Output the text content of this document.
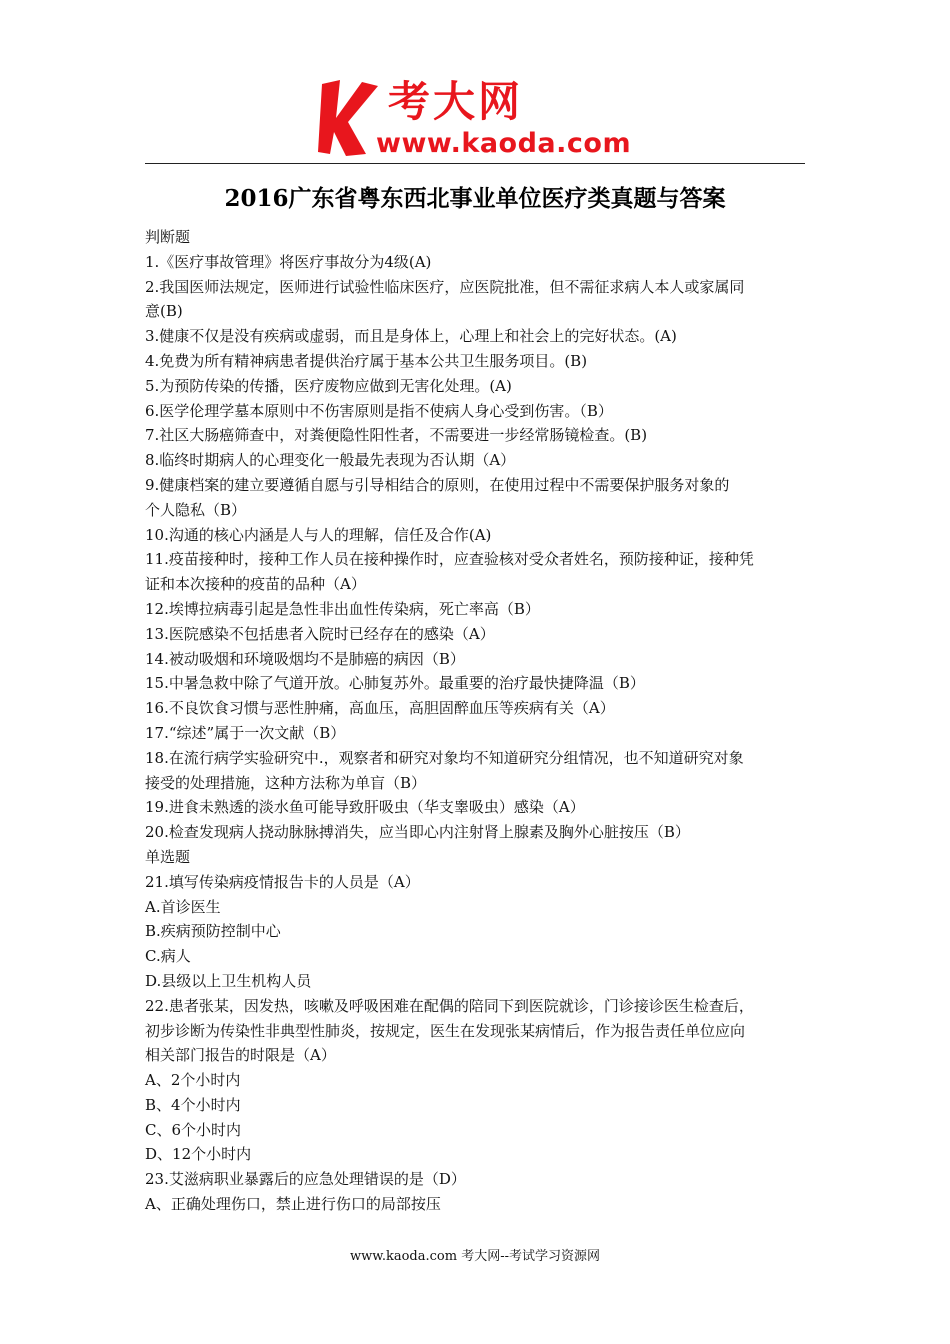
考大网
www.kaoda.com
2016广东省粤东西北事业单位医疗类真题与答案
判断题
1.《医疗事故管理》将医疗事故分为4级(A)
2.我国医师法规定，医师进行试验性临床医疗，应医院批准，但不需征求病人本人或家属同
意(B)
3.健康不仅是没有疾病或虚弱，而且是身体上，心理上和社会上的完好状态。(A)
4.免费为所有精神病患者提供治疗属于基本公共卫生服务项目。(B)
5.为预防传染的传播，医疗废物应做到无害化处理。(A)
6.医学伦理学墓本原则中不伤害原则是指不使病人身心受到伤害。（B）
7.社区大肠癌筛查中，对粪便隐性阳性者，不需要进一步经常肠镜检查。(B)
8.临终时期病人的心理变化一般最先表现为否认期（A）
9.健康档案的建立要遵循自愿与引导相结合的原则，在使用过程中不需要保护服务对象的
个人隐私（B）
10.沟通的核心内涵是人与人的理解，信任及合作(A)
11.疫苗接种时，接种工作人员在接种操作时，应查验核对受众者姓名，预防接种证，接种凭
证和本次接种的疫苗的品种（A）
12.埃博拉病毒引起是急性非出血性传染病，死亡率高（B）
13.医院感染不包括患者入院时已经存在的感染（A）
14.被动吸烟和环境吸烟均不是肺癌的病因（B）
15.中暑急救中除了气道开放。心肺复苏外。最重要的治疗最快捷降温（B）
16.不良饮食习惯与恶性肿痛，高血压，高胆固醉血压等疾病有关（A）
17.“综述”属于一次文献（B）
18.在流行病学实验研究中.，观察者和研究对象均不知道研究分组情况，也不知道研究对象
接受的处理措施，这种方法称为单盲（B）
19.进食未熟透的淡水鱼可能导致肝吸虫（华支睾吸虫）感染（A）
20.检查发现病人挠动脉脉搏消失，应当即心内注射肾上腺素及胸外心脏按压（B）
单选题
21.填写传染病疫情报告卡的人员是（A）
A.首诊医生
B.疾病预防控制中心
C.病人
D.县级以上卫生机构人员
22.患者张某，因发热，咳嗽及呼吸困难在配偶的陪同下到医院就诊，门诊接诊医生检查后，
初步诊断为传染性非典型性肺炎，按规定，医生在发现张某病情后，作为报告责任单位应向
相关部门报告的时限是（A）
A、2个小时内
B、4个小时内
C、6个小时内
D、12个小时内
23.艾滋病职业暴露后的应急处理错误的是（D）
A、正确处理伤口，禁止进行伤口的局部按压
www.kaoda.com 考大网--考试学习资源网
